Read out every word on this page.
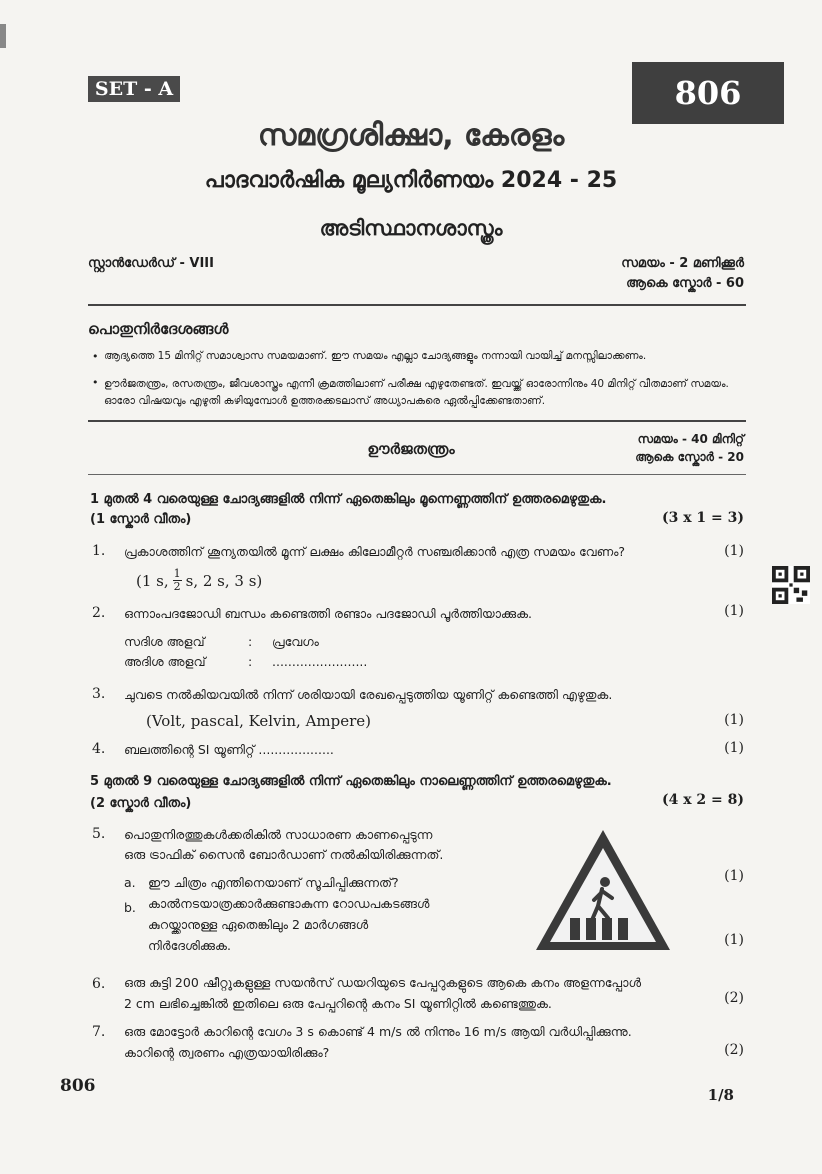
SET - A	806
സമഗ്രശിക്ഷാ, കേരളം
പാദവാർഷിക മൂല്യനിർണയം 2024 - 25
അടിസ്ഥാനശാസ്ത്രം
സ്റ്റാൻഡേർഡ് - VIII	സമയം - 2 മണിക്കൂർ
ആകെ സ്കോർ - 60
പൊതുനിർദേശങ്ങൾ
• ആദ്യത്തെ 15 മിനിറ്റ് സമാശ്വാസ സമയമാണ്. ഈ സമയം എല്ലാ ചോദ്യങ്ങളും നന്നായി വായിച്ച് മനസ്സിലാക്കണം.
• ഊർജതന്ത്രം, രസതന്ത്രം, ജീവശാസ്ത്രം എന്നീ ക്രമത്തിലാണ് പരീക്ഷ എഴുതേണ്ടത്. ഇവയ്ക്ക് ഓരോന്നിനും 40 മിനിറ്റ് വീതമാണ് സമയം. ഓരോ വിഷയവും എഴുതി കഴിയുമ്പോൾ ഉത്തരക്കടലാസ് അധ്യാപകരെ ഏൽപ്പിക്കേണ്ടതാണ്.
ഊർജതന്ത്രം
സമയം - 40 മിനിറ്റ്
ആകെ സ്കോർ - 20
1 മുതൽ 4 വരെയുള്ള ചോദ്യങ്ങളിൽ നിന്ന് ഏതെങ്കിലും മൂന്നെണ്ണത്തിന് ഉത്തരമെഴുതുക.
(1 സ്കോർ വീതം)	(3 x 1 = 3)
1.	പ്രകാശത്തിന് ശൂന്യതയിൽ മൂന്ന് ലക്ഷം കിലോമീറ്റർ സഞ്ചരിക്കാൻ എത്ര സമയം വേണം?	(1)
(1 s, $\frac{1}{2} s$, 2 s, 3 s)
2.	ഒന്നാംപദജോഡി ബന്ധം കണ്ടെത്തി രണ്ടാം പദജോഡി പൂർത്തിയാക്കുക.	(1)
സദിശ അളവ്	: പ്രവേഗം
അദിശ അളവ്	: ........................
3.	ചുവടെ നൽകിയവയിൽ നിന്ന് ശരിയായി രേഖപ്പെടുത്തിയ യൂണിറ്റ് കണ്ടെത്തി എഴുതുക.
(Volt, pascal, Kelvin, Ampere)	(1)
4.	ബലത്തിന്റെ SI യൂണിറ്റ് ...................	(1)
5 മുതൽ 9 വരെയുള്ള ചോദ്യങ്ങളിൽ നിന്ന് ഏതെങ്കിലും നാലെണ്ണത്തിന് ഉത്തരമെഴുതുക.
(2 സ്കോർ വീതം)	(4 x 2 = 8)
5.	പൊതുനിരത്തുകൾക്കരികിൽ സാധാരണ കാണപ്പെടുന്ന
ഒരു ട്രാഫിക് സൈൻ ബോർഡാണ് നൽകിയിരിക്കുന്നത്.
a. ഈ ചിത്രം എന്തിനെയാണ് സൂചിപ്പിക്കുന്നത്?	(1)
b. കാൽനടയാത്രക്കാർക്കുണ്ടാകുന്ന റോഡപകടങ്ങൾ
കുറയ്ക്കാനുള്ള ഏതെങ്കിലും 2 മാർഗങ്ങൾ
നിർദേശിക്കുക.	(1)
6.	ഒരു കുട്ടി 200 ഷീറ്റുകളുള്ള സയൻസ് ഡയറിയുടെ പേപ്പറുകളുടെ ആകെ കനം അളന്നപ്പോൾ
2 cm ലഭിച്ചെങ്കിൽ ഇതിലെ ഒരു പേപ്പറിന്റെ കനം SI യൂണിറ്റിൽ കണ്ടെത്തുക.	(2)
7.	ഒരു മോട്ടോർ കാറിന്റെ വേഗം 3 s കൊണ്ട് 4 m/s ൽ നിന്നും 16 m/s ആയി വർധിപ്പിക്കുന്നു.
കാറിന്റെ ത്വരണം എത്രയായിരിക്കും?	(2)
806	1/8
